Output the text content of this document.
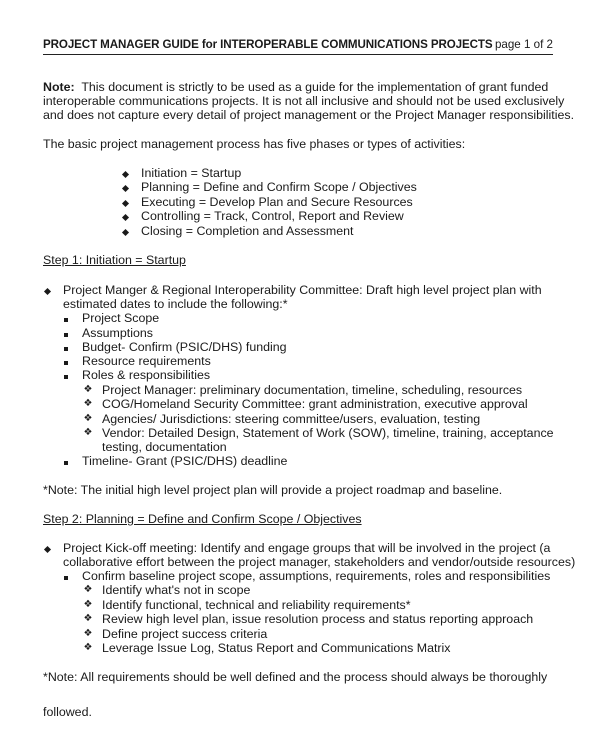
PROJECT MANAGER GUIDE for INTEROPERABLE COMMUNICATIONS PROJECTS page 1 of 2
Note: This document is strictly to be used as a guide for the implementation of grant funded
interoperable communications projects. It is not all inclusive and should not be used exclusively
and does not capture every detail of project management or the Project Manager responsibilities.
The basic project management process has five phases or types of activities:
Initiation = Startup
Planning = Define and Confirm Scope / Objectives
Executing = Develop Plan and Secure Resources
Controlling = Track, Control, Report and Review
Closing = Completion and Assessment
Step 1: Initiation = Startup
Project Manger & Regional Interoperability Committee: Draft high level project plan with
estimated dates to include the following:*
Project Scope
Assumptions
Budget- Confirm (PSIC/DHS) funding
Resource requirements
Roles & responsibilities
❖ Project Manager: preliminary documentation, timeline, scheduling, resources
❖ COG/Homeland Security Committee: grant administration, executive approval
❖ Agencies/ Jurisdictions: steering committee/users, evaluation, testing
❖ Vendor: Detailed Design, Statement of Work (SOW), timeline, training, acceptance
testing, documentation
Timeline- Grant (PSIC/DHS) deadline
*Note: The initial high level project plan will provide a project roadmap and baseline.
Step 2: Planning = Define and Confirm Scope / Objectives
Project Kick-off meeting: Identify and engage groups that will be involved in the project (a
collaborative effort between the project manager, stakeholders and vendor/outside resources)
Confirm baseline project scope, assumptions, requirements, roles and responsibilities
❖ Identify what's not in scope
❖ Identify functional, technical and reliability requirements*
❖ Review high level plan, issue resolution process and status reporting approach
❖ Define project success criteria
❖ Leverage Issue Log, Status Report and Communications Matrix
*Note: All requirements should be well defined and the process should always be thoroughly
followed.
